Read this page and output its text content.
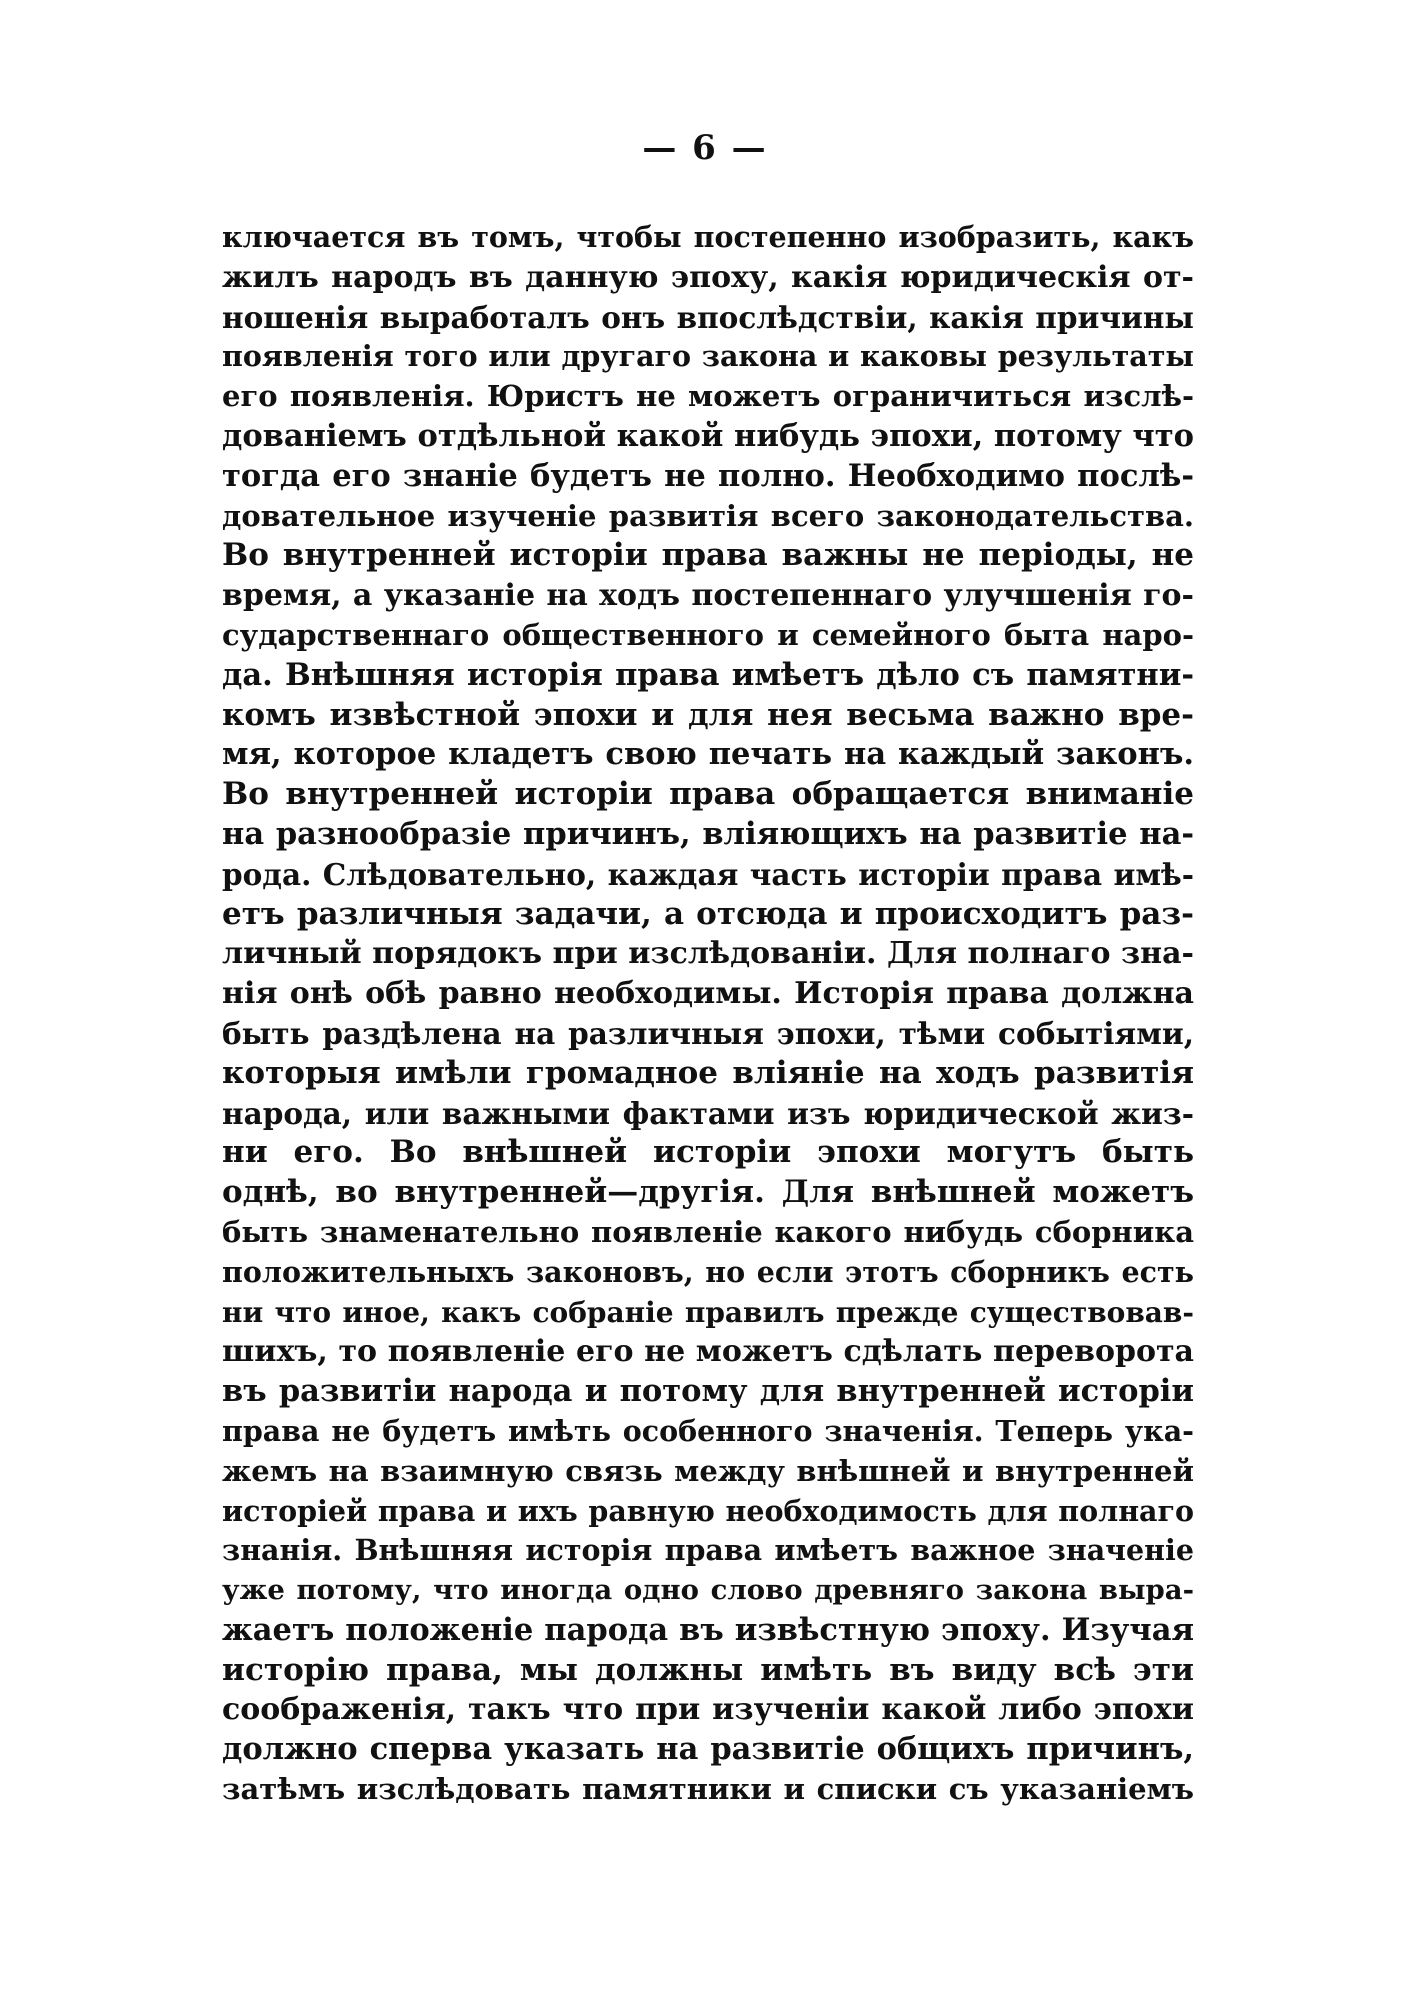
— 6 —
ключается въ томъ, чтобы постепенно изобразить, какъ
жилъ народъ въ данную эпоху, какія юридическія от-
ношенія выработалъ онъ впослѣдствіи, какія причины
появленія того или другаго закона и каковы результаты
его появленія. Юристъ не можетъ ограничиться изслѣ-
дованіемъ отдѣльной какой нибудь эпохи, потому что
тогда его знаніе будетъ не полно. Необходимо послѣ-
довательное изученіе развитія всего законодательства.
Во внутренней исторіи права важны не періоды, не
время, а указаніе на ходъ постепеннаго улучшенія го-
сударственнаго общественного и семейного быта наро-
да. Внѣшняя исторія права имѣетъ дѣло съ памятни-
комъ извѣстной эпохи и для нея весьма важно вре-
мя, которое кладетъ свою печать на каждый законъ.
Во внутренней исторіи права обращается вниманіе
на разнообразіе причинъ, вліяющихъ на развитіе на-
рода. Слѣдовательно, каждая часть исторіи права имѣ-
етъ различныя задачи, а отсюда и происходитъ раз-
личный порядокъ при изслѣдованіи. Для полнаго зна-
нія онѣ обѣ равно необходимы. Исторія права должна
быть раздѣлена на различныя эпохи, тѣми событіями,
которыя имѣли громадное вліяніе на ходъ развитія
народа, или важными фактами изъ юридической жиз-
ни его. Во внѣшней исторіи эпохи могутъ быть
однѣ, во внутренней—другія. Для внѣшней можетъ
быть знаменательно появленіе какого нибудь сборника
положительныхъ законовъ, но если этотъ сборникъ есть
ни что иное, какъ собраніе правилъ прежде существовав-
шихъ, то появленіе его не можетъ сдѣлать переворота
въ развитіи народа и потому для внутренней исторіи
права не будетъ имѣть особенного значенія. Теперь ука-
жемъ на взаимную связь между внѣшней и внутренней
исторіей права и ихъ равную необходимость для полнаго
знанія. Внѣшняя исторія права имѣетъ важное значеніе
уже потому, что иногда одно слово древняго закона выра-
жаетъ положеніе парода въ извѣстную эпоху. Изучая
исторію права, мы должны имѣть въ виду всѣ эти
соображенія, такъ что при изученіи какой либо эпохи
должно сперва указать на развитіе общихъ причинъ,
затѣмъ изслѣдовать памятники и списки съ указаніемъ
